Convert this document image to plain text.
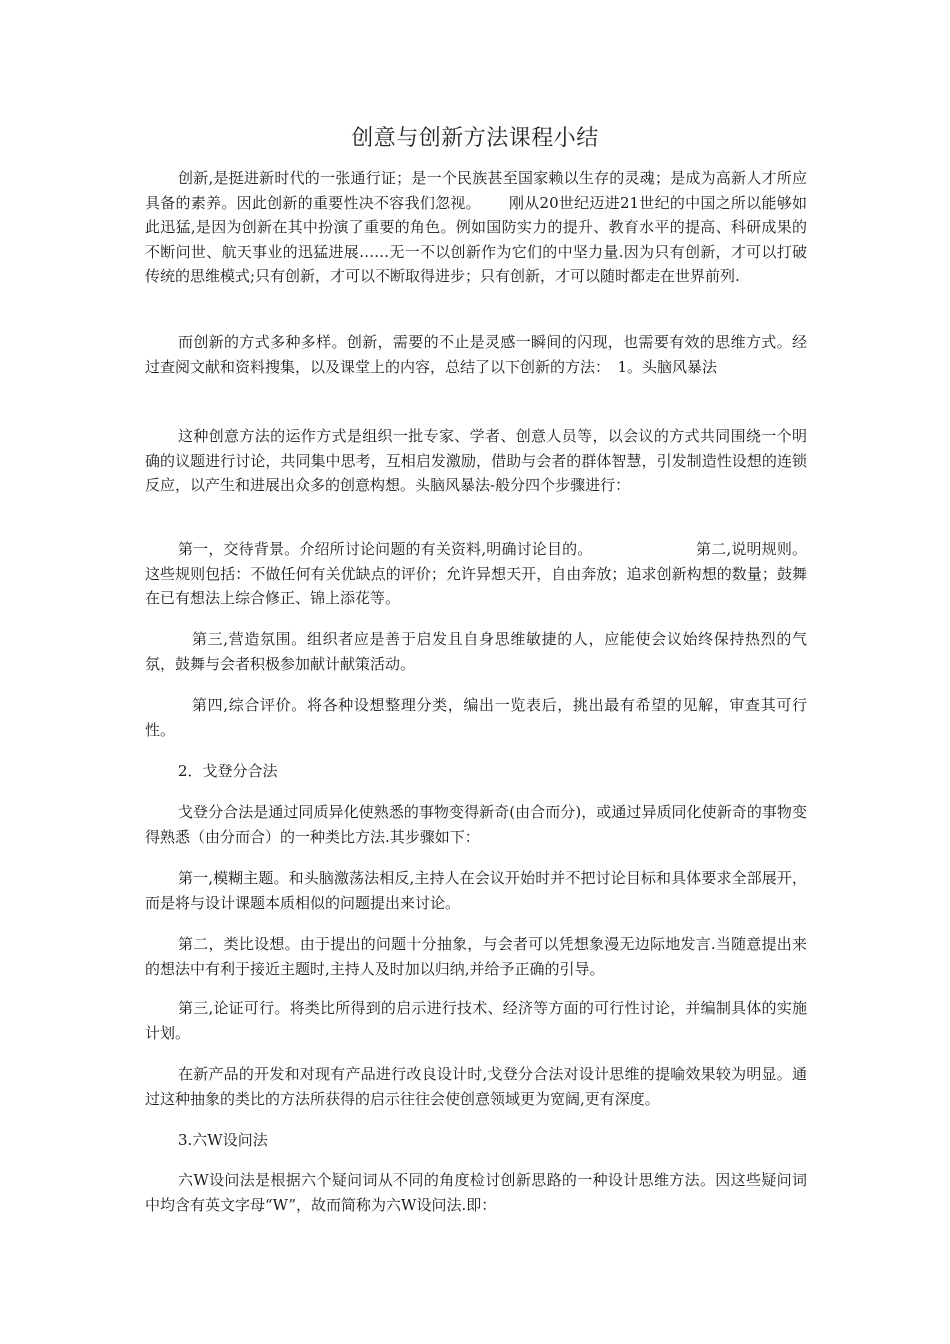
创意与创新方法课程小结

创新,是挺进新时代的一张通行证；是一个民族甚至国家赖以生存的灵魂；是成为高新人才所应具备的素养。因此创新的重要性决不容我们忽视。　　 刚从20世纪迈进21世纪的中国之所以能够如此迅猛,是因为创新在其中扮演了重要的角色。例如国防实力的提升、教育水平的提高、科研成果的不断问世、航天事业的迅猛进展……无一不以创新作为它们的中坚力量.因为只有创新，才可以打破传统的思维模式;只有创新，才可以不断取得进步；只有创新，才可以随时都走在世界前列.

而创新的方式多种多样。创新，需要的不止是灵感一瞬间的闪现，也需要有效的思维方式。经过查阅文献和资料搜集，以及课堂上的内容，总结了以下创新的方法：　1。头脑风暴法

这种创意方法的运作方式是组织一批专家、学者、创意人员等，以会议的方式共同围绕一个明确的议题进行讨论，共同集中思考，互相启发激励，借助与会者的群体智慧，引发制造性设想的连锁反应，以产生和进展出众多的创意构想。头脑风暴法-般分四个步骤进行：

第一，交待背景。介绍所讨论问题的有关资料,明确讨论目的。　　　　　　　 第二,说明规则。这些规则包括：不做任何有关优缺点的评价；允许异想天开，自由奔放；追求创新构想的数量；鼓舞在已有想法上综合修正、锦上添花等。

第三,营造氛围。组织者应是善于启发且自身思维敏捷的人，应能使会议始终保持热烈的气氛，鼓舞与会者积极参加献计献策活动。

第四,综合评价。将各种设想整理分类，编出一览表后，挑出最有希望的见解，审查其可行性。

2．戈登分合法

戈登分合法是通过同质异化使熟悉的事物变得新奇(由合而分)，或通过异质同化使新奇的事物变得熟悉（由分而合）的一种类比方法.其步骤如下：

第一,模糊主题。和头脑激荡法相反,主持人在会议开始时并不把讨论目标和具体要求全部展开，而是将与设计课题本质相似的问题提出来讨论。

第二，类比设想。由于提出的问题十分抽象，与会者可以凭想象漫无边际地发言.当随意提出来的想法中有利于接近主题时,主持人及时加以归纳,并给予正确的引导。

第三,论证可行。将类比所得到的启示进行技术、经济等方面的可行性讨论，并编制具体的实施计划。

在新产品的开发和对现有产品进行改良设计时,戈登分合法对设计思维的提喻效果较为明显。通过这种抽象的类比的方法所获得的启示往往会使创意领域更为宽阔,更有深度。

3.六W设问法

六W设问法是根据六个疑问词从不同的角度检讨创新思路的一种设计思维方法。因这些疑问词中均含有英文字母“W”，故而简称为六W设问法.即：
